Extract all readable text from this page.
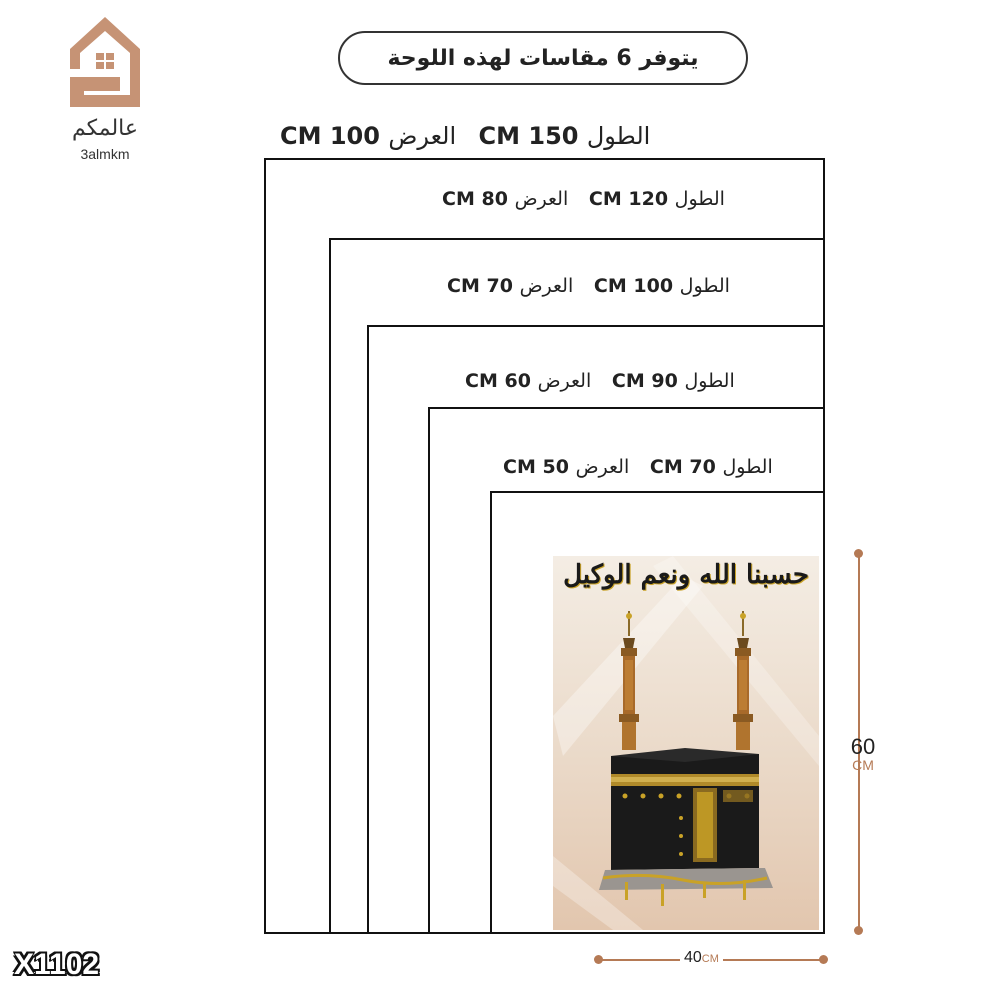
عالمكم
3almkm
يتوفر 6 مقاسات لهذه اللوحة
الطول 150 CM العرض 100 CM
الطول 120 CM العرض 80 CM
الطول 100 CM العرض 70 CM
الطول 90 CM العرض 60 CM
الطول 70 CM العرض 50 CM
حسبنا الله ونعم الوكيل
60
CM
40CM
X1102
